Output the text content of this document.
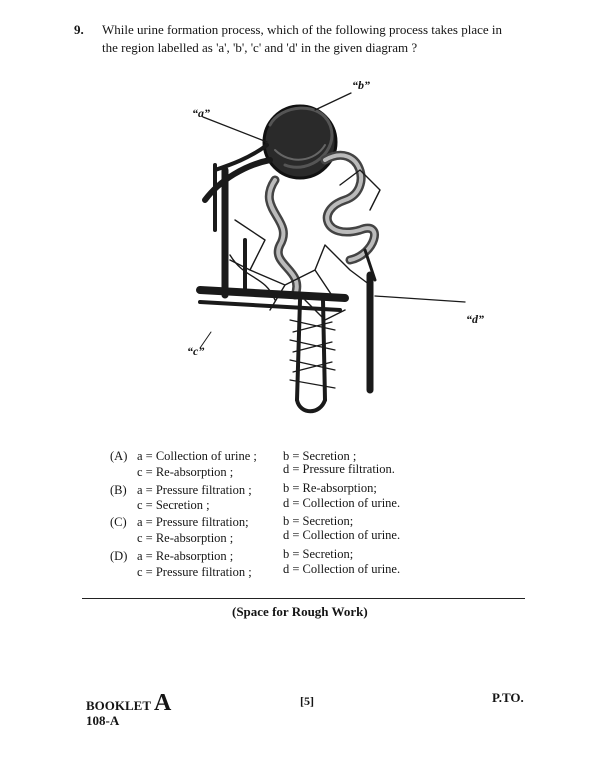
9. While urine formation process, which of the following process takes place in
the region labelled as 'a', 'b', 'c' and 'd' in the given diagram ?
“a”
“b”
“c”
“d”
(A) a = Collection of urine ; b = Secretion ;
c = Re-absorption ;	d = Pressure filtration.
(B) a = Pressure filtration ;	b = Re-absorption;
c = Secretion ;	d = Collection of urine.
(C) a = Pressure filtration;	b = Secretion;
c = Re-absorption ;	d = Collection of urine.
(D) a = Re-absorption ;	b = Secretion;
c = Pressure filtration ;	d = Collection of urine.
(Space for Rough Work)
BOOKLET A
108-A
[5]	P.TO.
